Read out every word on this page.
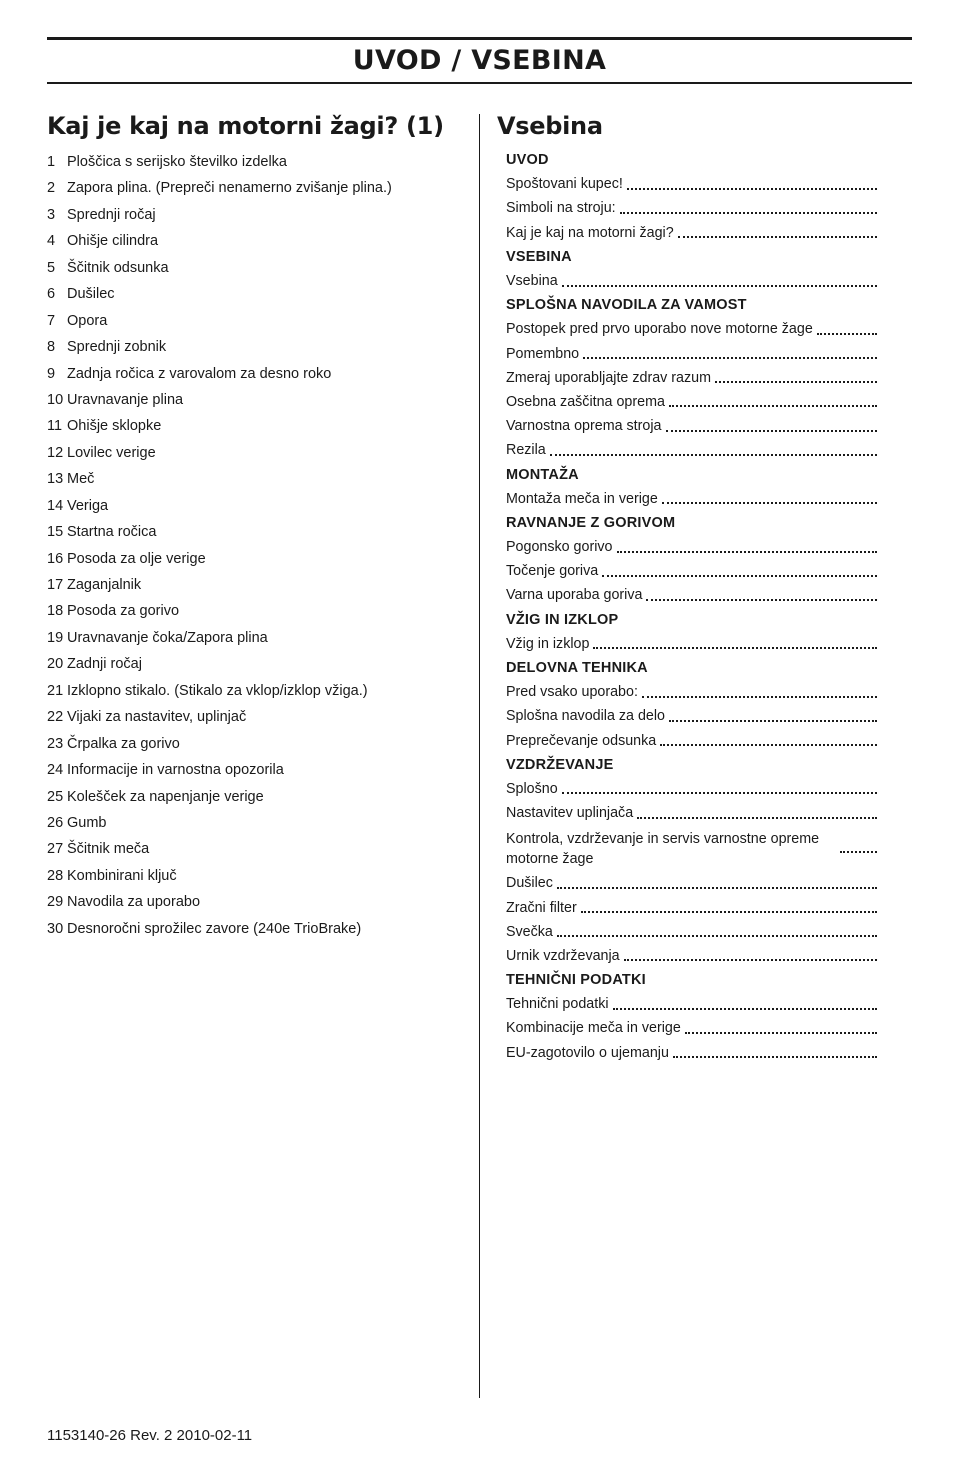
UVOD / VSEBINA
Kaj je kaj na motorni žagi? (1)
1 Ploščica s serijsko številko izdelka
2 Zapora plina. (Prepreči nenamerno zvišanje plina.)
3 Sprednji ročaj
4 Ohišje cilindra
5 Ščitnik odsunka
6 Dušilec
7 Opora
8 Sprednji zobnik
9 Zadnja ročica z varovalom za desno roko
10 Uravnavanje plina
11 Ohišje sklopke
12 Lovilec verige
13 Meč
14 Veriga
15 Startna ročica
16 Posoda za olje verige
17 Zaganjalnik
18 Posoda za gorivo
19 Uravnavanje čoka/Zapora plina
20 Zadnji ročaj
21 Izklopno stikalo. (Stikalo za vklop/izklop vžiga.)
22 Vijaki za nastavitev, uplinjač
23 Črpalka za gorivo
24 Informacije in varnostna opozorila
25 Kolešček za napenjanje verige
26 Gumb
27 Ščitnik meča
28 Kombinirani ključ
29 Navodila za uporabo
30 Desnoročni sprožilec zavore (240e TrioBrake)
Vsebina
UVOD
Spoštovani kupec!
Simboli na stroju:
Kaj je kaj na motorni žagi?
VSEBINA
Vsebina
SPLOŠNA NAVODILA ZA VAMOST
Postopek pred prvo uporabo nove motorne žage
Pomembno
Zmeraj uporabljajte zdrav razum
Osebna zaščitna oprema
Varnostna oprema stroja
Rezila
MONTAŽA
Montaža meča in verige
RAVNANJE Z GORIVOM
Pogonsko gorivo
Točenje goriva
Varna uporaba goriva
VŽIG IN IZKLOP
Vžig in izklop
DELOVNA TEHNIKA
Pred vsako uporabo:
Splošna navodila za delo
Preprečevanje odsunka
VZDRŽEVANJE
Splošno
Nastavitev uplinjača
Kontrola, vzdrževanje in servis varnostne opreme motorne žage
Dušilec
Zračni filter
Svečka
Urnik vzdrževanja
TEHNIČNI PODATKI
Tehnični podatki
Kombinacije meča in verige
EU-zagotovilo o ujemanju
1153140-26 Rev. 2 2010-02-11
